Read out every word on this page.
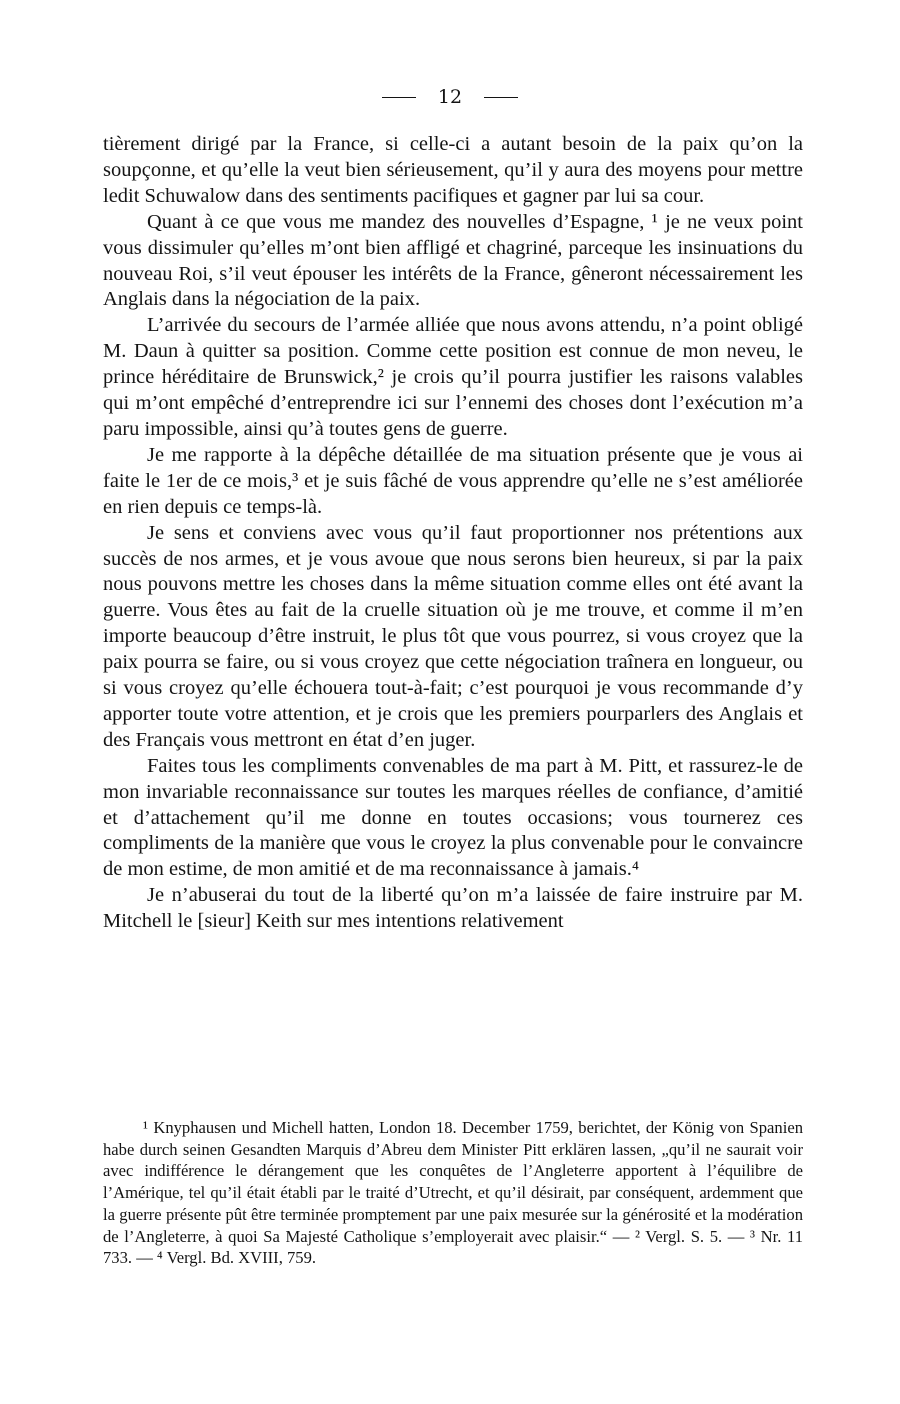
12

tièrement dirigé par la France, si celle-ci a autant besoin de la paix qu’on la soupçonne, et qu’elle la veut bien sérieusement, qu’il y aura des moyens pour mettre ledit Schuwalow dans des sentiments pacifiques et gagner par lui sa cour.

Quant à ce que vous me mandez des nouvelles d’Espagne, ¹ je ne veux point vous dissimuler qu’elles m’ont bien affligé et chagriné, parceque les insinuations du nouveau Roi, s’il veut épouser les intérêts de la France, gêneront nécessairement les Anglais dans la négociation de la paix.

L’arrivée du secours de l’armée alliée que nous avons attendu, n’a point obligé M. Daun à quitter sa position. Comme cette position est connue de mon neveu, le prince héréditaire de Brunswick,² je crois qu’il pourra justifier les raisons valables qui m’ont empêché d’entreprendre ici sur l’ennemi des choses dont l’exécution m’a paru impossible, ainsi qu’à toutes gens de guerre.

Je me rapporte à la dépêche détaillée de ma situation présente que je vous ai faite le 1er de ce mois,³ et je suis fâché de vous apprendre qu’elle ne s’est améliorée en rien depuis ce temps-là.

Je sens et conviens avec vous qu’il faut proportionner nos prétentions aux succès de nos armes, et je vous avoue que nous serons bien heureux, si par la paix nous pouvons mettre les choses dans la même situation comme elles ont été avant la guerre. Vous êtes au fait de la cruelle situation où je me trouve, et comme il m’en importe beaucoup d’être instruit, le plus tôt que vous pourrez, si vous croyez que la paix pourra se faire, ou si vous croyez que cette négociation traînera en longueur, ou si vous croyez qu’elle échouera tout-à-fait; c’est pourquoi je vous recommande d’y apporter toute votre attention, et je crois que les premiers pourparlers des Anglais et des Français vous mettront en état d’en juger.

Faites tous les compliments convenables de ma part à M. Pitt, et rassurez-le de mon invariable reconnaissance sur toutes les marques réelles de confiance, d’amitié et d’attachement qu’il me donne en toutes occasions; vous tournerez ces compliments de la manière que vous le croyez la plus convenable pour le convaincre de mon estime, de mon amitié et de ma reconnaissance à jamais.⁴

Je n’abuserai du tout de la liberté qu’on m’a laissée de faire instruire par M. Mitchell le [sieur] Keith sur mes intentions relativement

¹ Knyphausen und Michell hatten, London 18. December 1759, berichtet, der König von Spanien habe durch seinen Gesandten Marquis d’Abreu dem Minister Pitt erklären lassen, „qu’il ne saurait voir avec indifférence le dérangement que les conquêtes de l’Angleterre apportent à l’équilibre de l’Amérique, tel qu’il était établi par le traité d’Utrecht, et qu’il désirait, par conséquent, ardemment que la guerre présente pût être terminée promptement par une paix mesurée sur la générosité et la modération de l’Angleterre, à quoi Sa Majesté Catholique s’employerait avec plaisir.“ — ² Vergl. S. 5. — ³ Nr. 11 733. — ⁴ Vergl. Bd. XVIII, 759.
